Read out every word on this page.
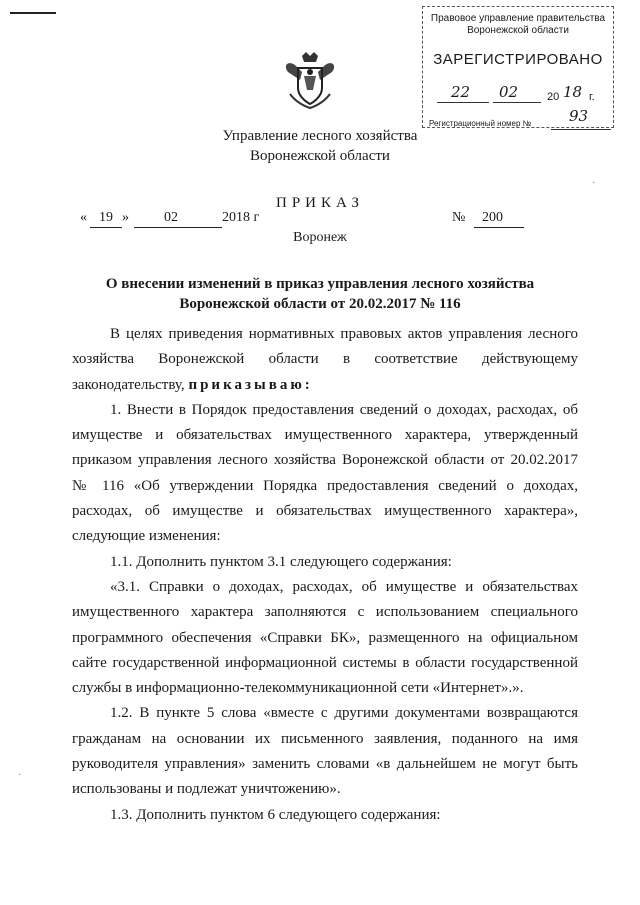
Правовое управление правительства
Воронежской области
ЗАРЕГИСТРИРОВАНО
22 02	20 18 г.
Регистрационный номер №	93
Управление лесного хозяйства
Воронежской области
ПРИКАЗ
« 19 »	02	2018 г	№ 200
Воронеж
О внесении изменений в приказ управления лесного хозяйства
Воронежской области от 20.02.2017 № 116

В целях приведения нормативных правовых актов управления лесного хозяйства Воронежской области в соответствие действующему законодательству, приказываю:

1. Внести в Порядок предоставления сведений о доходах, расходах, об имуществе и обязательствах имущественного характера, утвержденный приказом управления лесного хозяйства Воронежской области от 20.02.2017 № 116 «Об утверждении Порядка предоставления сведений о доходах, расходах, об имуществе и обязательствах имущественного характера», следующие изменения:

1.1. Дополнить пунктом 3.1 следующего содержания:

«3.1. Справки о доходах, расходах, об имуществе и обязательствах имущественного характера заполняются с использованием специального программного обеспечения «Справки БК», размещенного на официальном сайте государственной информационной системы в области государственной службы в информационно-телекоммуникационной сети «Интернет».».

1.2. В пункте 5 слова «вместе с другими документами возвращаются гражданам на основании их письменного заявления, поданного на имя руководителя управления» заменить словами «в дальнейшем не могут быть использованы и подлежат уничтожению».

1.3. Дополнить пунктом 6 следующего содержания:

·
·
